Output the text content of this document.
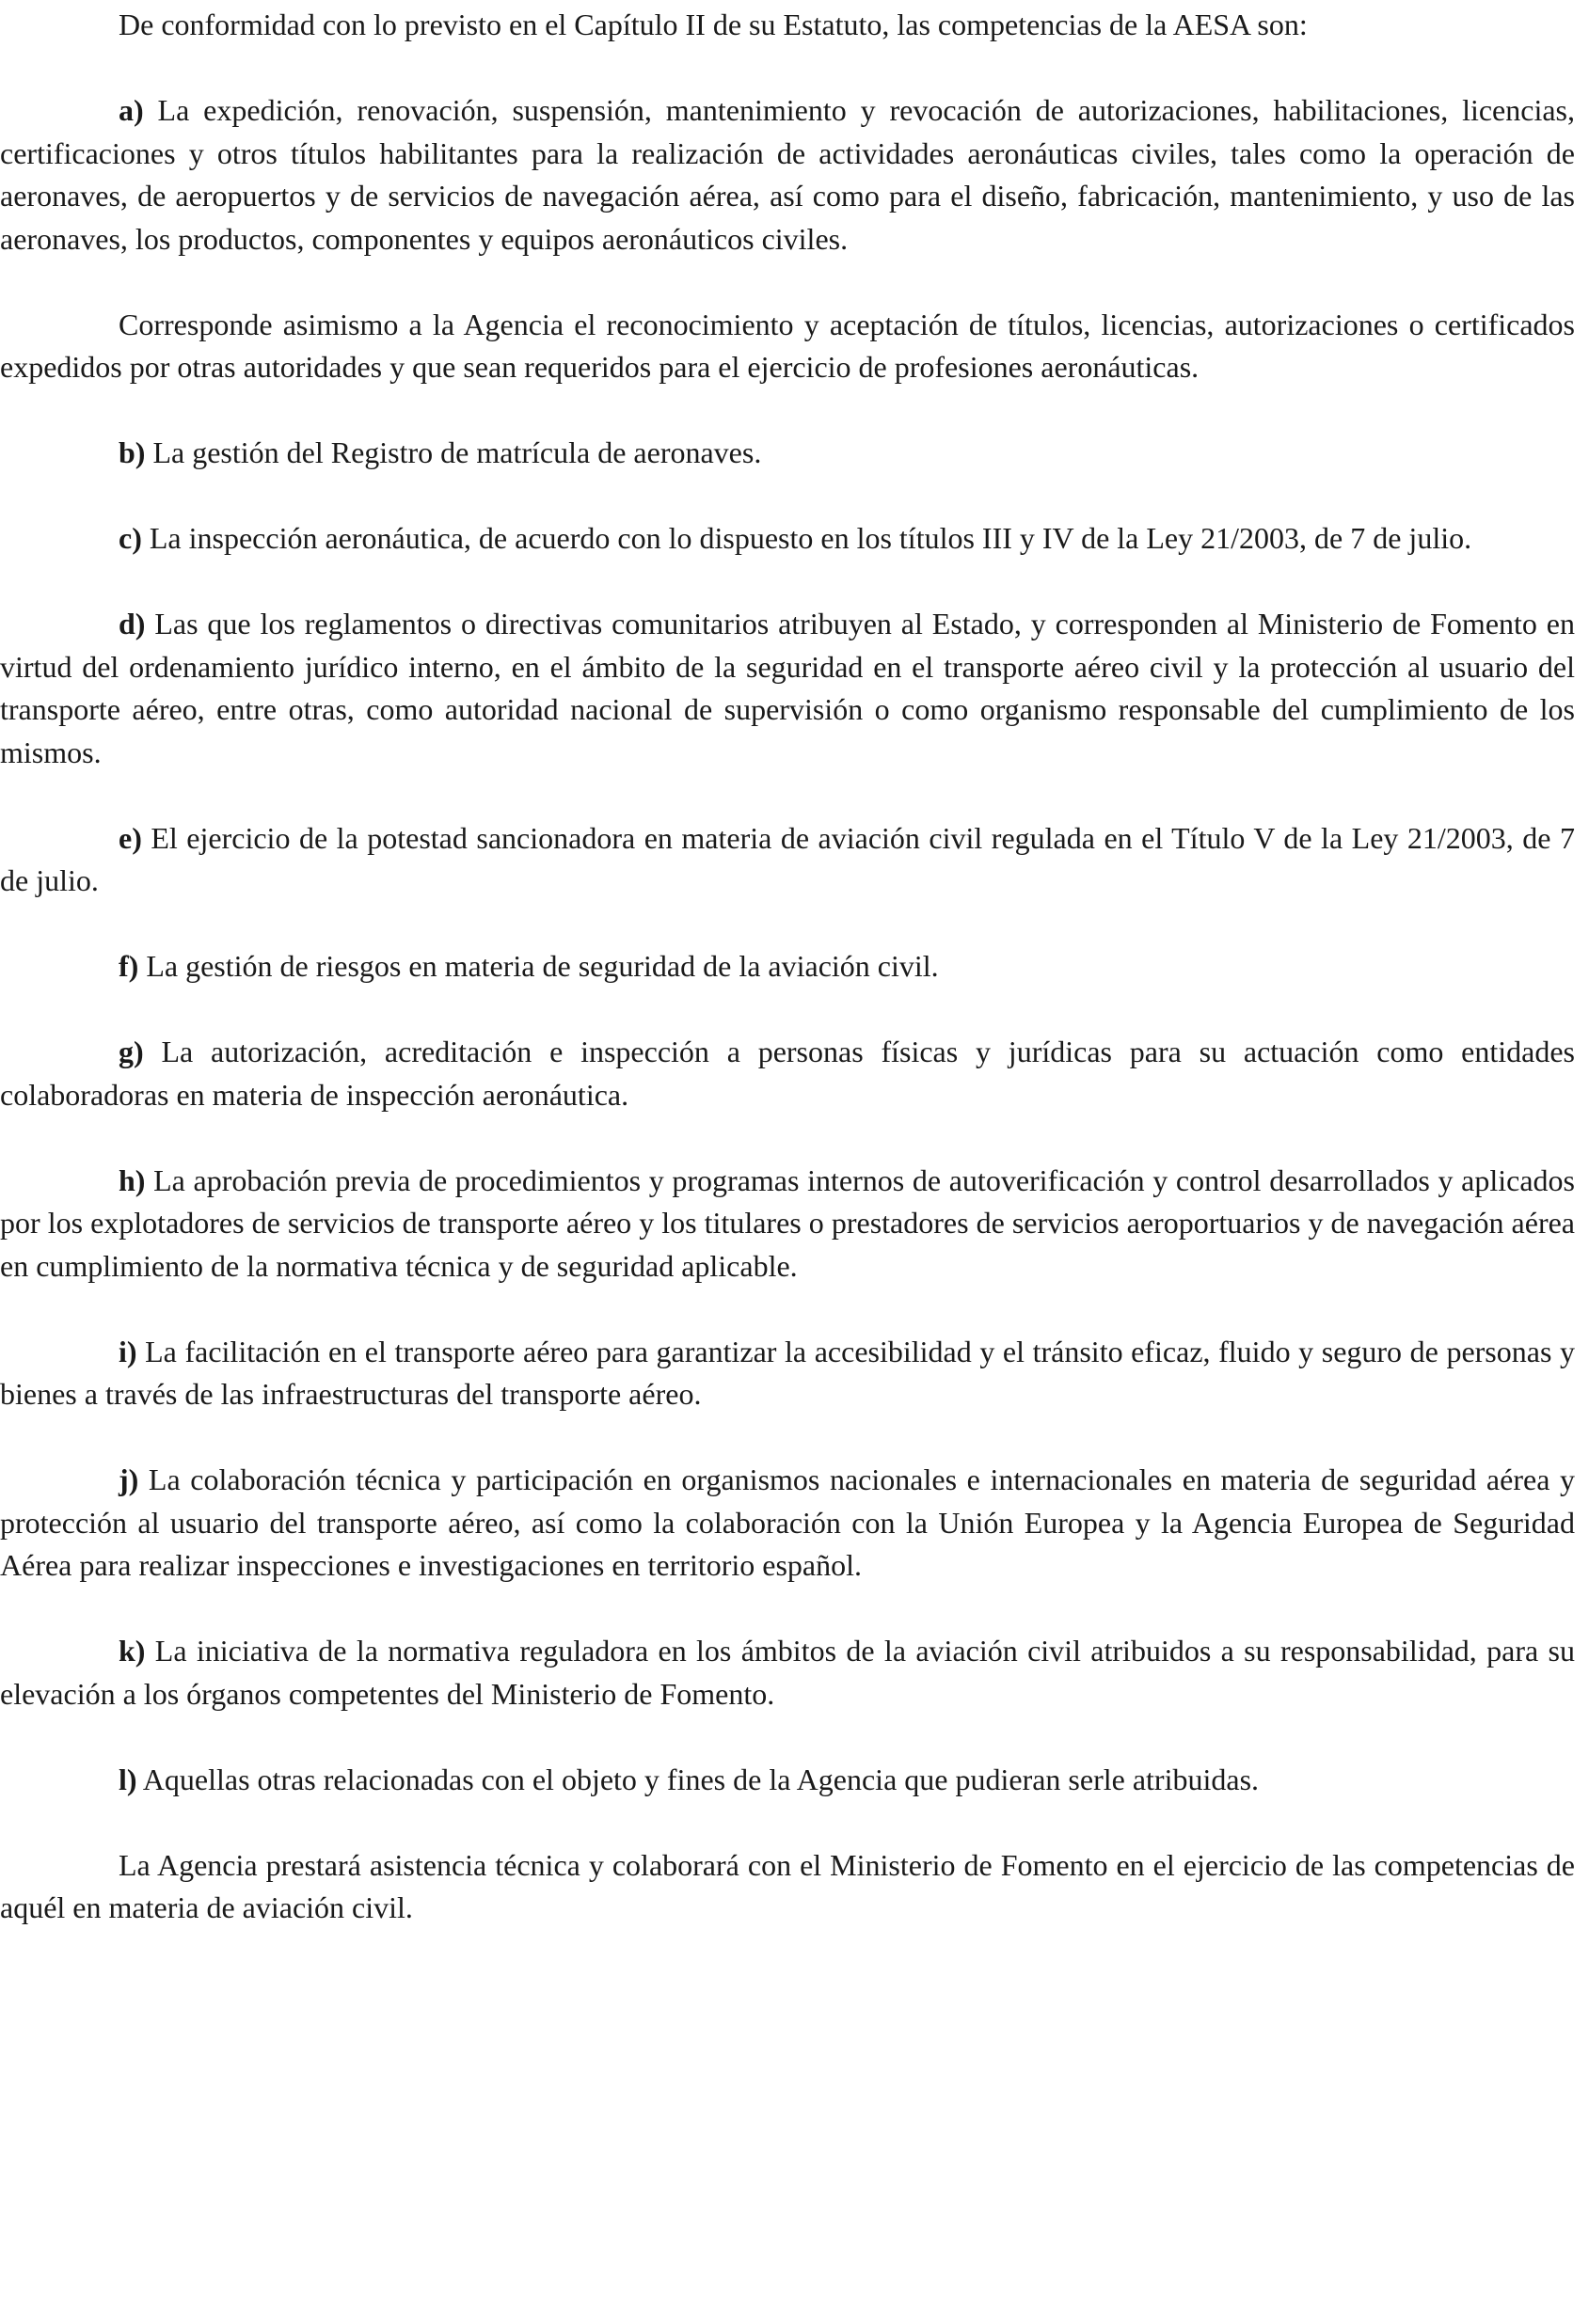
De conformidad con lo previsto en el Capítulo II de su Estatuto, las competencias de la AESA son:

a) La expedición, renovación, suspensión, mantenimiento y revocación de autorizaciones, habilitaciones, licencias, certificaciones y otros títulos habilitantes para la realización de actividades aeronáuticas civiles, tales como la operación de aeronaves, de aeropuertos y de servicios de navegación aérea, así como para el diseño, fabricación, mantenimiento, y uso de las aeronaves, los productos, componentes y equipos aeronáuticos civiles.

Corresponde asimismo a la Agencia el reconocimiento y aceptación de títulos, licencias, autorizaciones o certificados expedidos por otras autoridades y que sean requeridos para el ejercicio de profesiones aeronáuticas.

b) La gestión del Registro de matrícula de aeronaves.

c) La inspección aeronáutica, de acuerdo con lo dispuesto en los títulos III y IV de la Ley 21/2003, de 7 de julio.

d) Las que los reglamentos o directivas comunitarios atribuyen al Estado, y corresponden al Ministerio de Fomento en virtud del ordenamiento jurídico interno, en el ámbito de la seguridad en el transporte aéreo civil y la protección al usuario del transporte aéreo, entre otras, como autoridad nacional de supervisión o como organismo responsable del cumplimiento de los mismos.

e) El ejercicio de la potestad sancionadora en materia de aviación civil regulada en el Título V de la Ley 21/2003, de 7 de julio.

f) La gestión de riesgos en materia de seguridad de la aviación civil.

g) La autorización, acreditación e inspección a personas físicas y jurídicas para su actuación como entidades colaboradoras en materia de inspección aeronáutica.

h) La aprobación previa de procedimientos y programas internos de autoverificación y control desarrollados y aplicados por los explotadores de servicios de transporte aéreo y los titulares o prestadores de servicios aeroportuarios y de navegación aérea en cumplimiento de la normativa técnica y de seguridad aplicable.

i) La facilitación en el transporte aéreo para garantizar la accesibilidad y el tránsito eficaz, fluido y seguro de personas y bienes a través de las infraestructuras del transporte aéreo.

j) La colaboración técnica y participación en organismos nacionales e internacionales en materia de seguridad aérea y protección al usuario del transporte aéreo, así como la colaboración con la Unión Europea y la Agencia Europea de Seguridad Aérea para realizar inspecciones e investigaciones en territorio español.

k) La iniciativa de la normativa reguladora en los ámbitos de la aviación civil atribuidos a su responsabilidad, para su elevación a los órganos competentes del Ministerio de Fomento.

l) Aquellas otras relacionadas con el objeto y fines de la Agencia que pudieran serle atribuidas.

La Agencia prestará asistencia técnica y colaborará con el Ministerio de Fomento en el ejercicio de las competencias de aquél en materia de aviación civil.
